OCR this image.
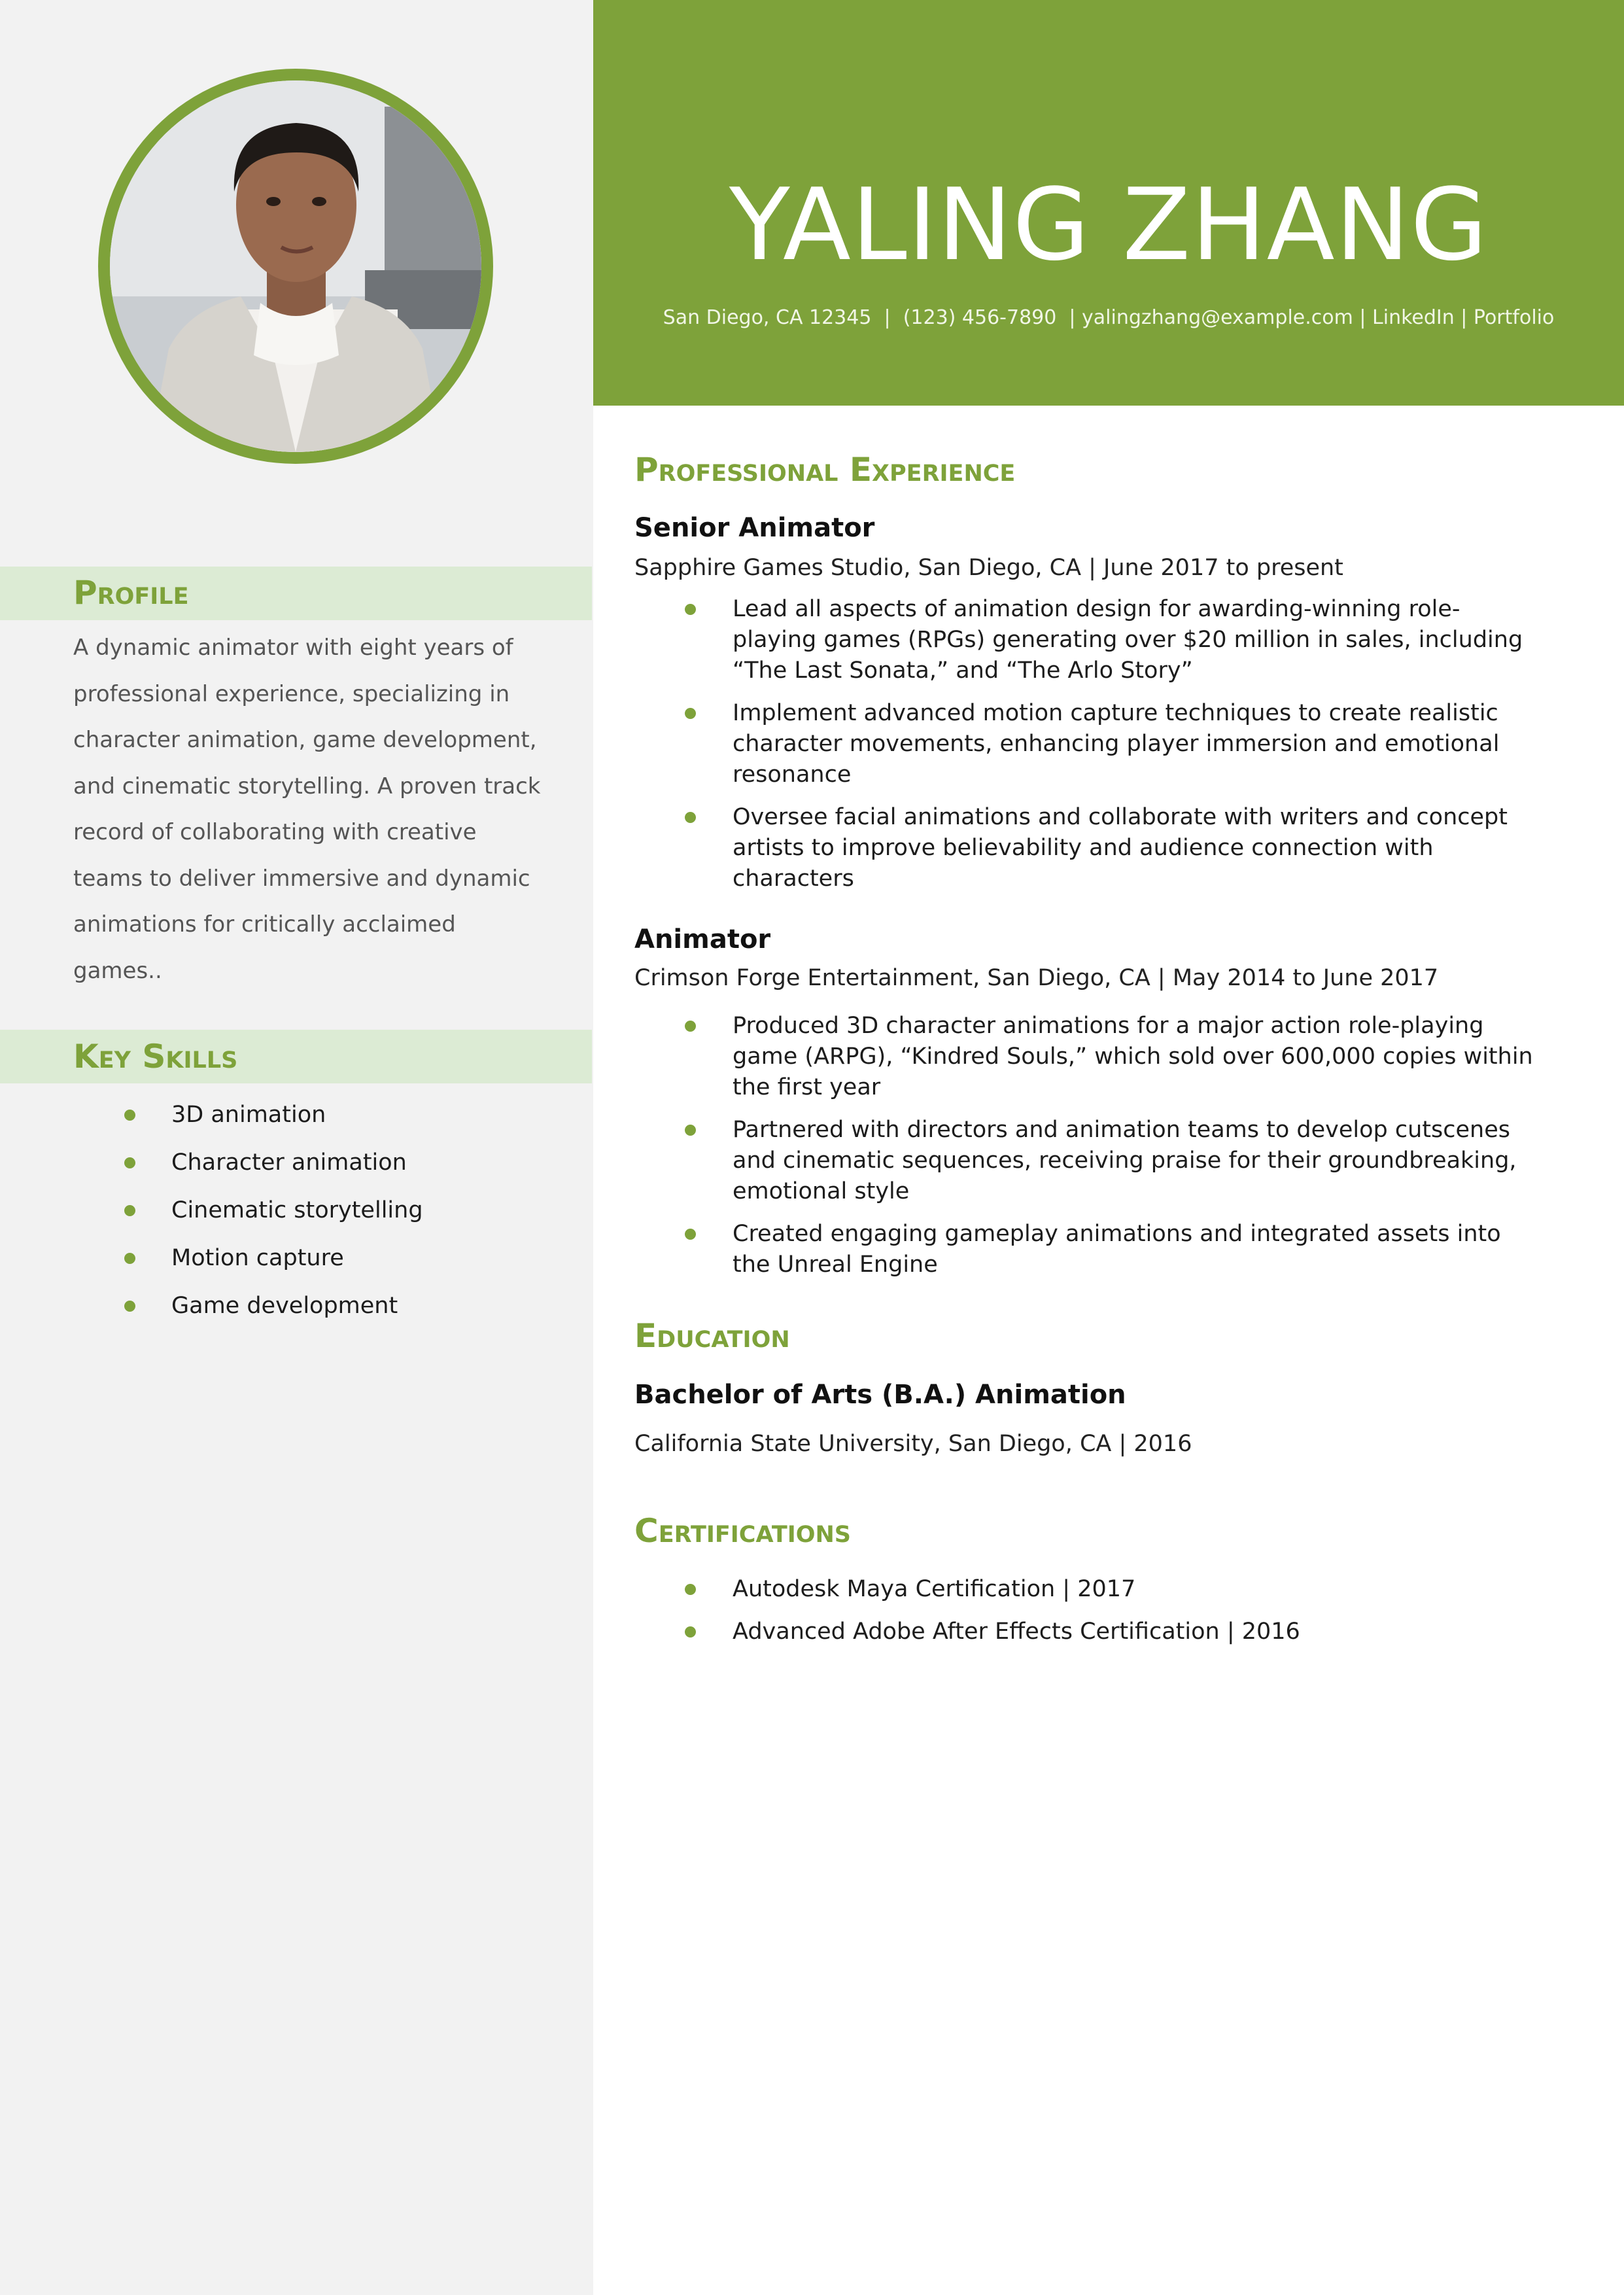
Profile

A dynamic animator with eight years of professional experience, specializing in character animation, game development, and cinematic storytelling. A proven track record of collaborating with creative teams to deliver immersive and dynamic animations for critically acclaimed games..

Key Skills
3D animation
Character animation
Cinematic storytelling
Motion capture
Game development
YALING ZHANG
San Diego, CA 12345  |  (123) 456-7890  | yalingzhang@example.com | LinkedIn | Portfolio
Professional Experience
Senior Animator
Sapphire Games Studio, San Diego, CA | June 2017 to present
Lead all aspects of animation design for awarding-winning role-playing games (RPGs) generating over $20 million in sales, including “The Last Sonata,” and “The Arlo Story”
Implement advanced motion capture techniques to create realistic character movements, enhancing player immersion and emotional resonance
Oversee facial animations and collaborate with writers and concept artists to improve believability and audience connection with characters
Animator
Crimson Forge Entertainment, San Diego, CA | May 2014 to June 2017
Produced 3D character animations for a major action role-playing game (ARPG), “Kindred Souls,” which sold over 600,000 copies within the first year
Partnered with directors and animation teams to develop cutscenes and cinematic sequences, receiving praise for their groundbreaking, emotional style
Created engaging gameplay animations and integrated assets into the Unreal Engine
Education
Bachelor of Arts (B.A.) Animation
California State University, San Diego, CA | 2016
Certifications
Autodesk Maya Certification | 2017
Advanced Adobe After Effects Certification | 2016
